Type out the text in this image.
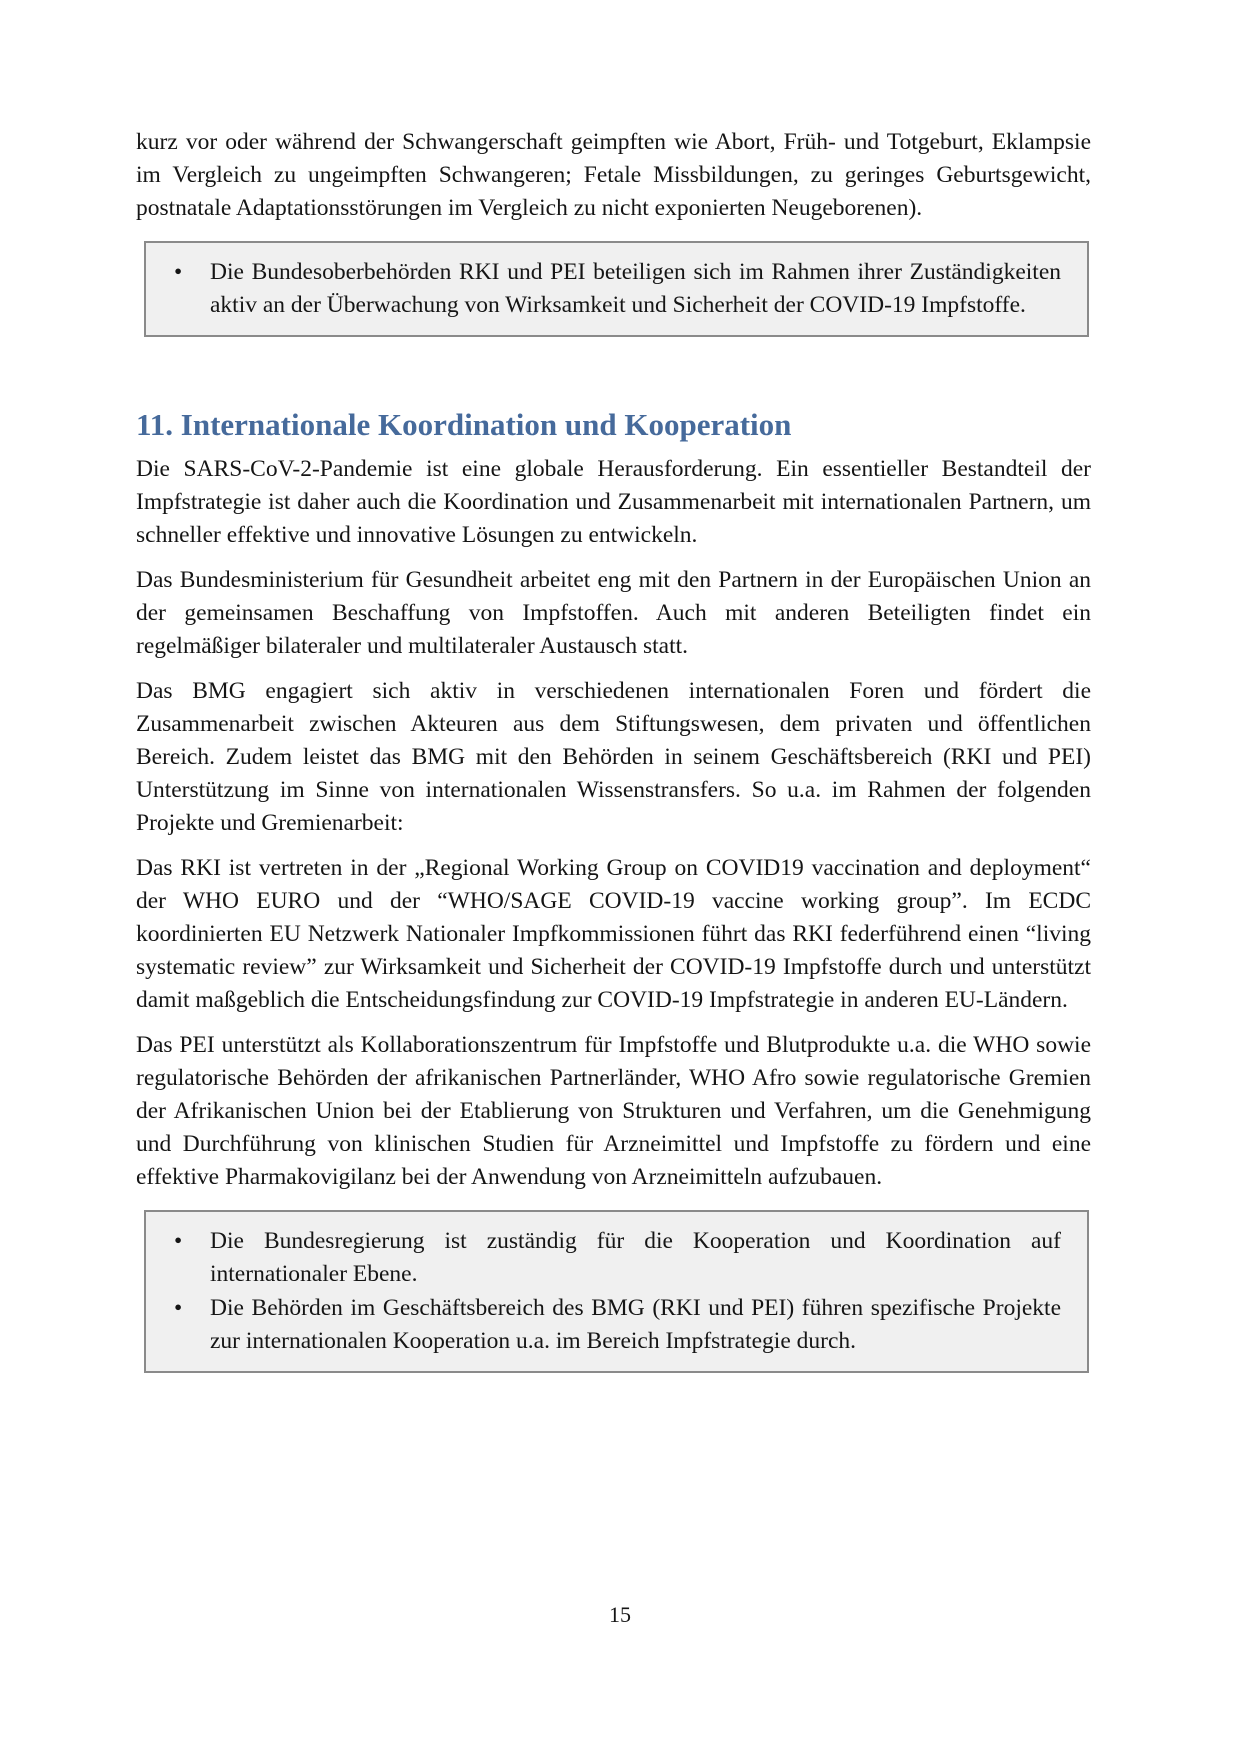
kurz vor oder während der Schwangerschaft geimpften wie Abort, Früh- und Totgeburt, Eklampsie im Vergleich zu ungeimpften Schwangeren; Fetale Missbildungen, zu geringes Geburtsgewicht, postnatale Adaptationsstörungen im Vergleich zu nicht exponierten Neugeborenen).

• Die Bundesoberbehörden RKI und PEI beteiligen sich im Rahmen ihrer Zuständigkeiten aktiv an der Überwachung von Wirksamkeit und Sicherheit der COVID-19 Impfstoffe.
11. Internationale Koordination und Kooperation

Die SARS-CoV-2-Pandemie ist eine globale Herausforderung. Ein essentieller Bestandteil der Impfstrategie ist daher auch die Koordination und Zusammenarbeit mit internationalen Partnern, um schneller effektive und innovative Lösungen zu entwickeln.

Das Bundesministerium für Gesundheit arbeitet eng mit den Partnern in der Europäischen Union an der gemeinsamen Beschaffung von Impfstoffen. Auch mit anderen Beteiligten findet ein regelmäßiger bilateraler und multilateraler Austausch statt.

Das BMG engagiert sich aktiv in verschiedenen internationalen Foren und fördert die Zusammenarbeit zwischen Akteuren aus dem Stiftungswesen, dem privaten und öffentlichen Bereich. Zudem leistet das BMG mit den Behörden in seinem Geschäftsbereich (RKI und PEI) Unterstützung im Sinne von internationalen Wissenstransfers. So u.a. im Rahmen der folgenden Projekte und Gremienarbeit:

Das RKI ist vertreten in der „Regional Working Group on COVID19 vaccination and deployment“ der WHO EURO und der “WHO/SAGE COVID-19 vaccine working group”. Im ECDC koordinierten EU Netzwerk Nationaler Impfkommissionen führt das RKI federführend einen “living systematic review” zur Wirksamkeit und Sicherheit der COVID-19 Impfstoffe durch und unterstützt damit maßgeblich die Entscheidungsfindung zur COVID-19 Impfstrategie in anderen EU-Ländern.

Das PEI unterstützt als Kollaborationszentrum für Impfstoffe und Blutprodukte u.a. die WHO sowie regulatorische Behörden der afrikanischen Partnerländer, WHO Afro sowie regulatorische Gremien der Afrikanischen Union bei der Etablierung von Strukturen und Verfahren, um die Genehmigung und Durchführung von klinischen Studien für Arzneimittel und Impfstoffe zu fördern und eine effektive Pharmakovigilanz bei der Anwendung von Arzneimitteln aufzubauen.

• Die Bundesregierung ist zuständig für die Kooperation und Koordination auf internationaler Ebene.
• Die Behörden im Geschäftsbereich des BMG (RKI und PEI) führen spezifische Projekte zur internationalen Kooperation u.a. im Bereich Impfstrategie durch.
15
